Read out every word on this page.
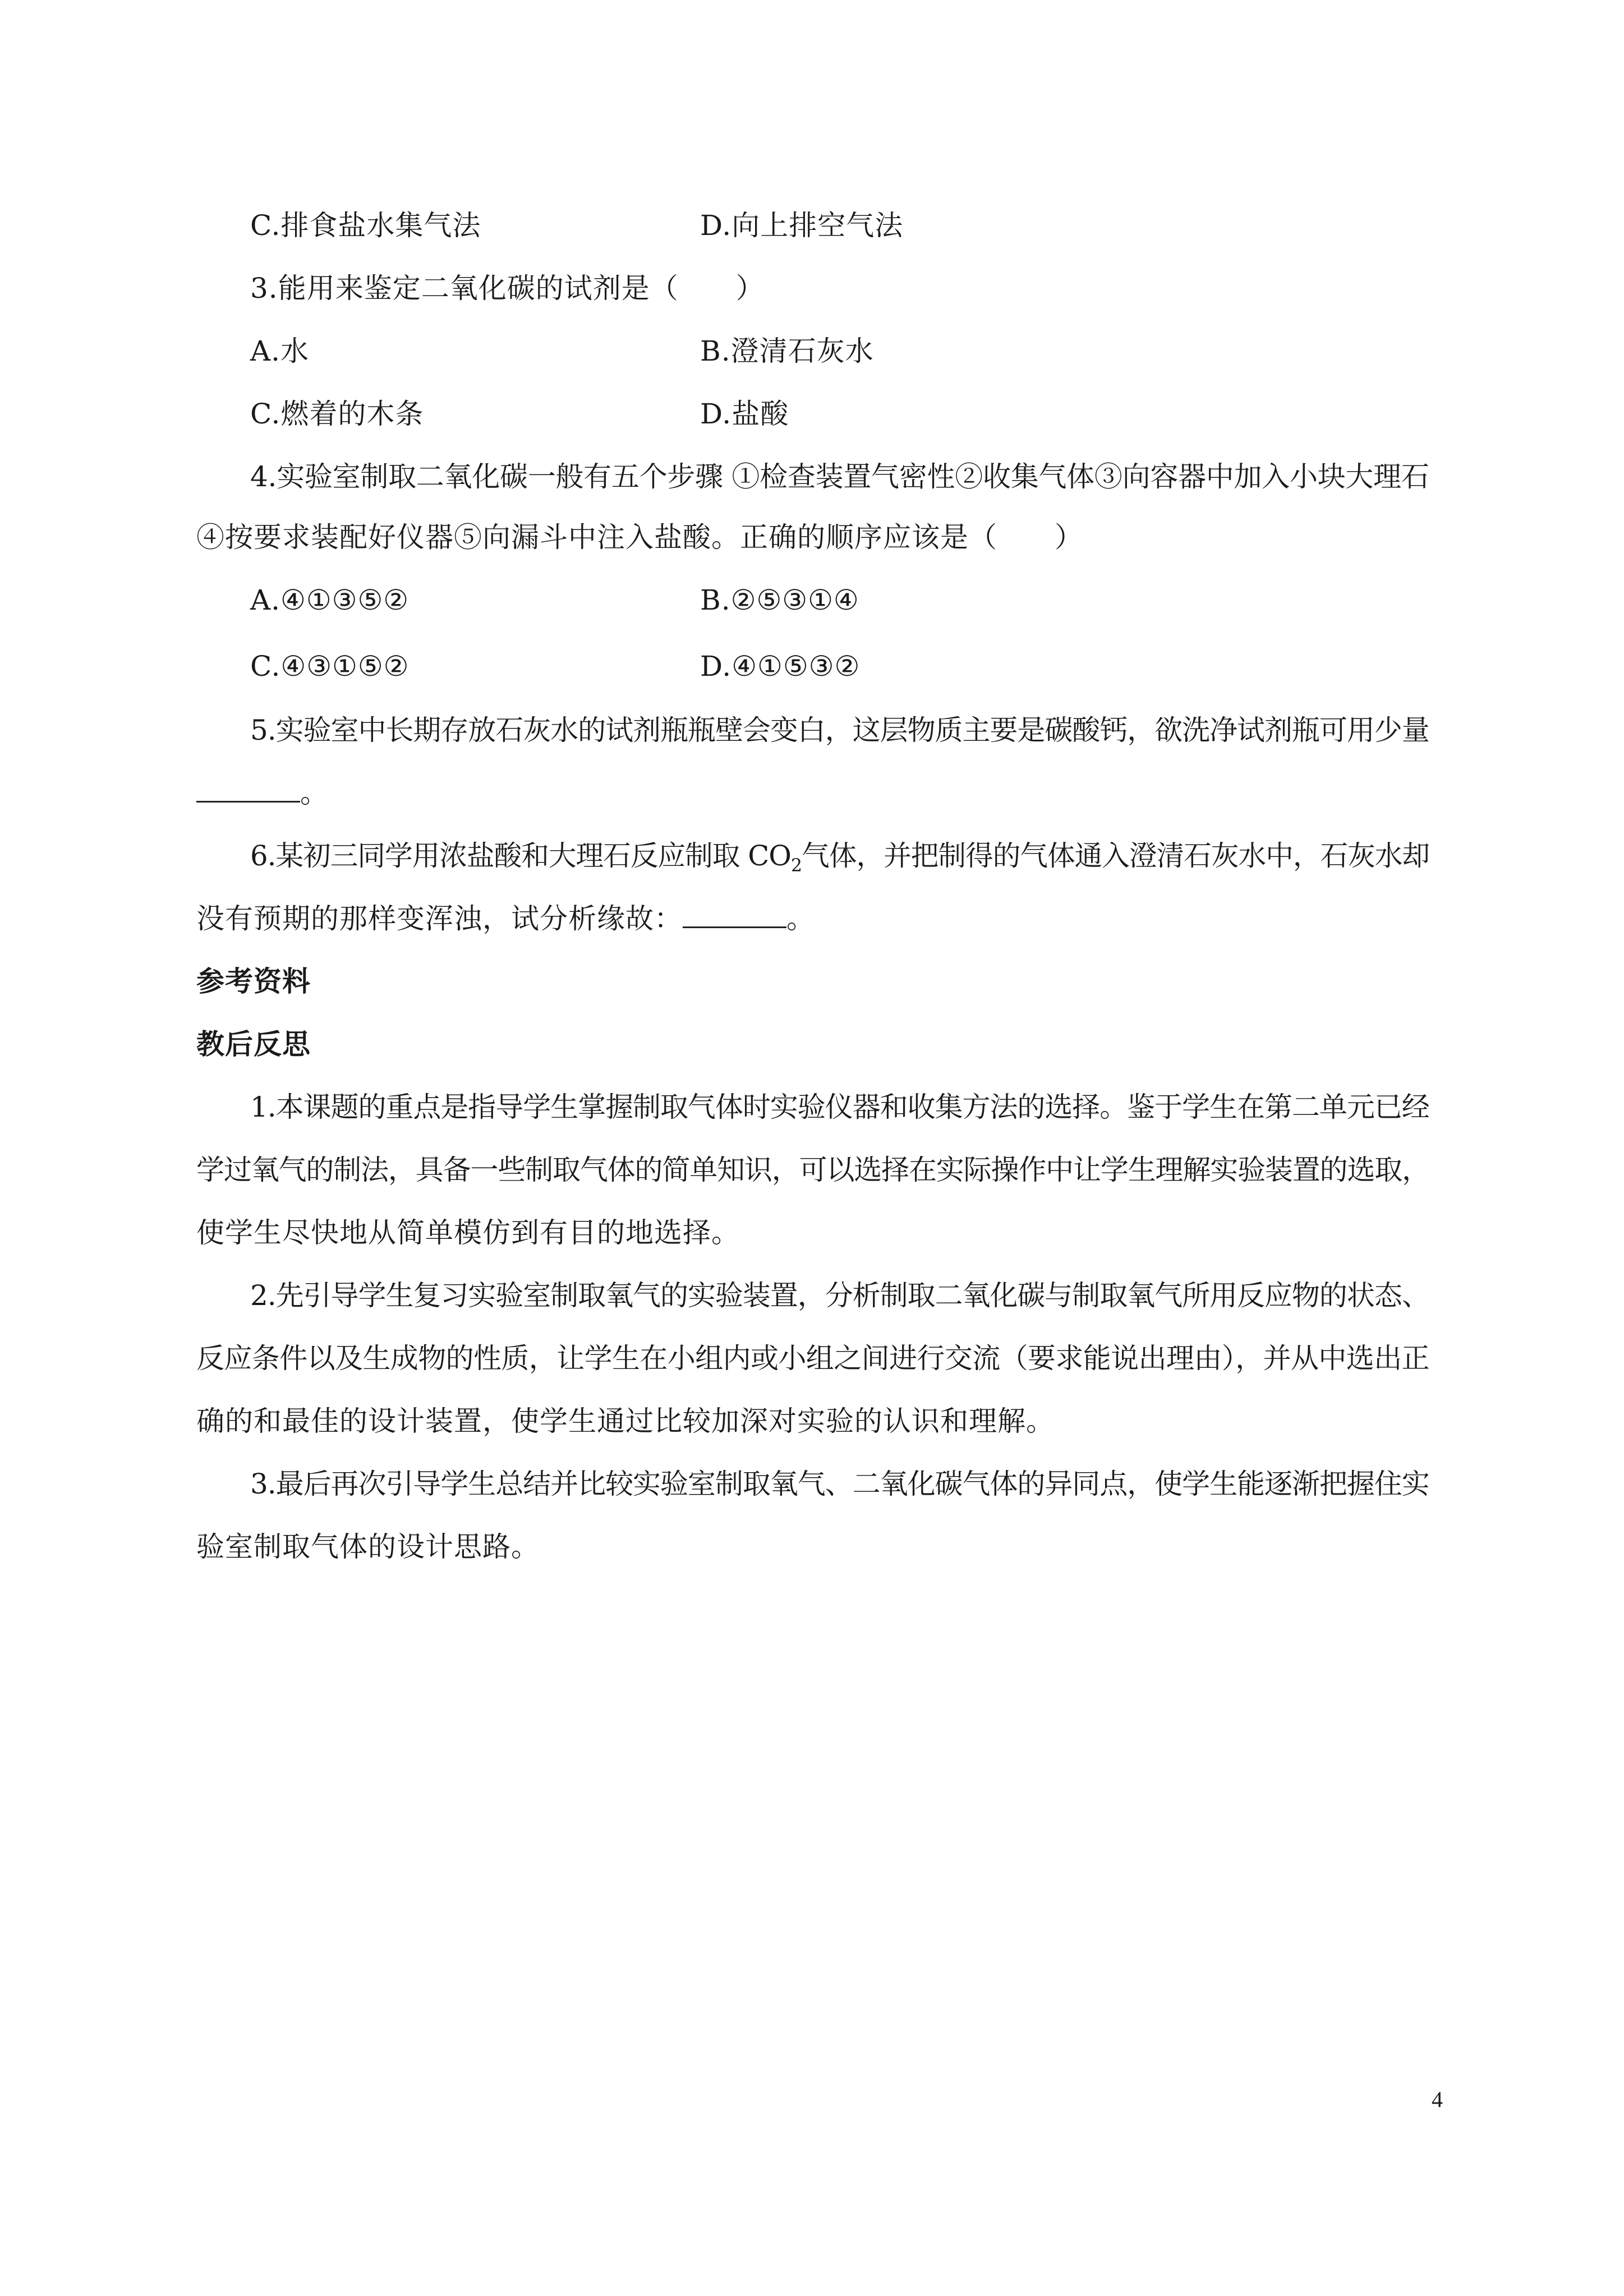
C.排食盐水集气法	D.向上排空气法
3.能用来鉴定二氧化碳的试剂是（　　）
A.水	B.澄清石灰水
C.燃着的木条	D.盐酸
4.实验室制取二氧化碳一般有五个步骤 ①检查装置气密性②收集气体③向容器中加入小块大理石
④按要求装配好仪器⑤向漏斗中注入盐酸。正确的顺序应该是（　　）
A.④①③⑤②	B.②⑤③①④
C.④③①⑤②	D.④①⑤③②
5.实验室中长期存放石灰水的试剂瓶瓶壁会变白，这层物质主要是碳酸钙，欲洗净试剂瓶可用少量
。
6.某初三同学用浓盐酸和大理石反应制取 $CO_2$气体，并把制得的气体通入澄清石灰水中，石灰水却
没有预期的那样变浑浊，试分析缘故：	。
参考资料
教后反思
1.本课题的重点是指导学生掌握制取气体时实验仪器和收集方法的选择。鉴于学生在第二单元已经
学过氧气的制法，具备一些制取气体的简单知识，可以选择在实际操作中让学生理解实验装置的选取，
使学生尽快地从简单模仿到有目的地选择。
2.先引导学生复习实验室制取氧气的实验装置，分析制取二氧化碳与制取氧气所用反应物的状态、
反应条件以及生成物的性质，让学生在小组内或小组之间进行交流（要求能说出理由），并从中选出正
确的和最佳的设计装置，使学生通过比较加深对实验的认识和理解。
3.最后再次引导学生总结并比较实验室制取氧气、二氧化碳气体的异同点，使学生能逐渐把握住实
验室制取气体的设计思路。
4
